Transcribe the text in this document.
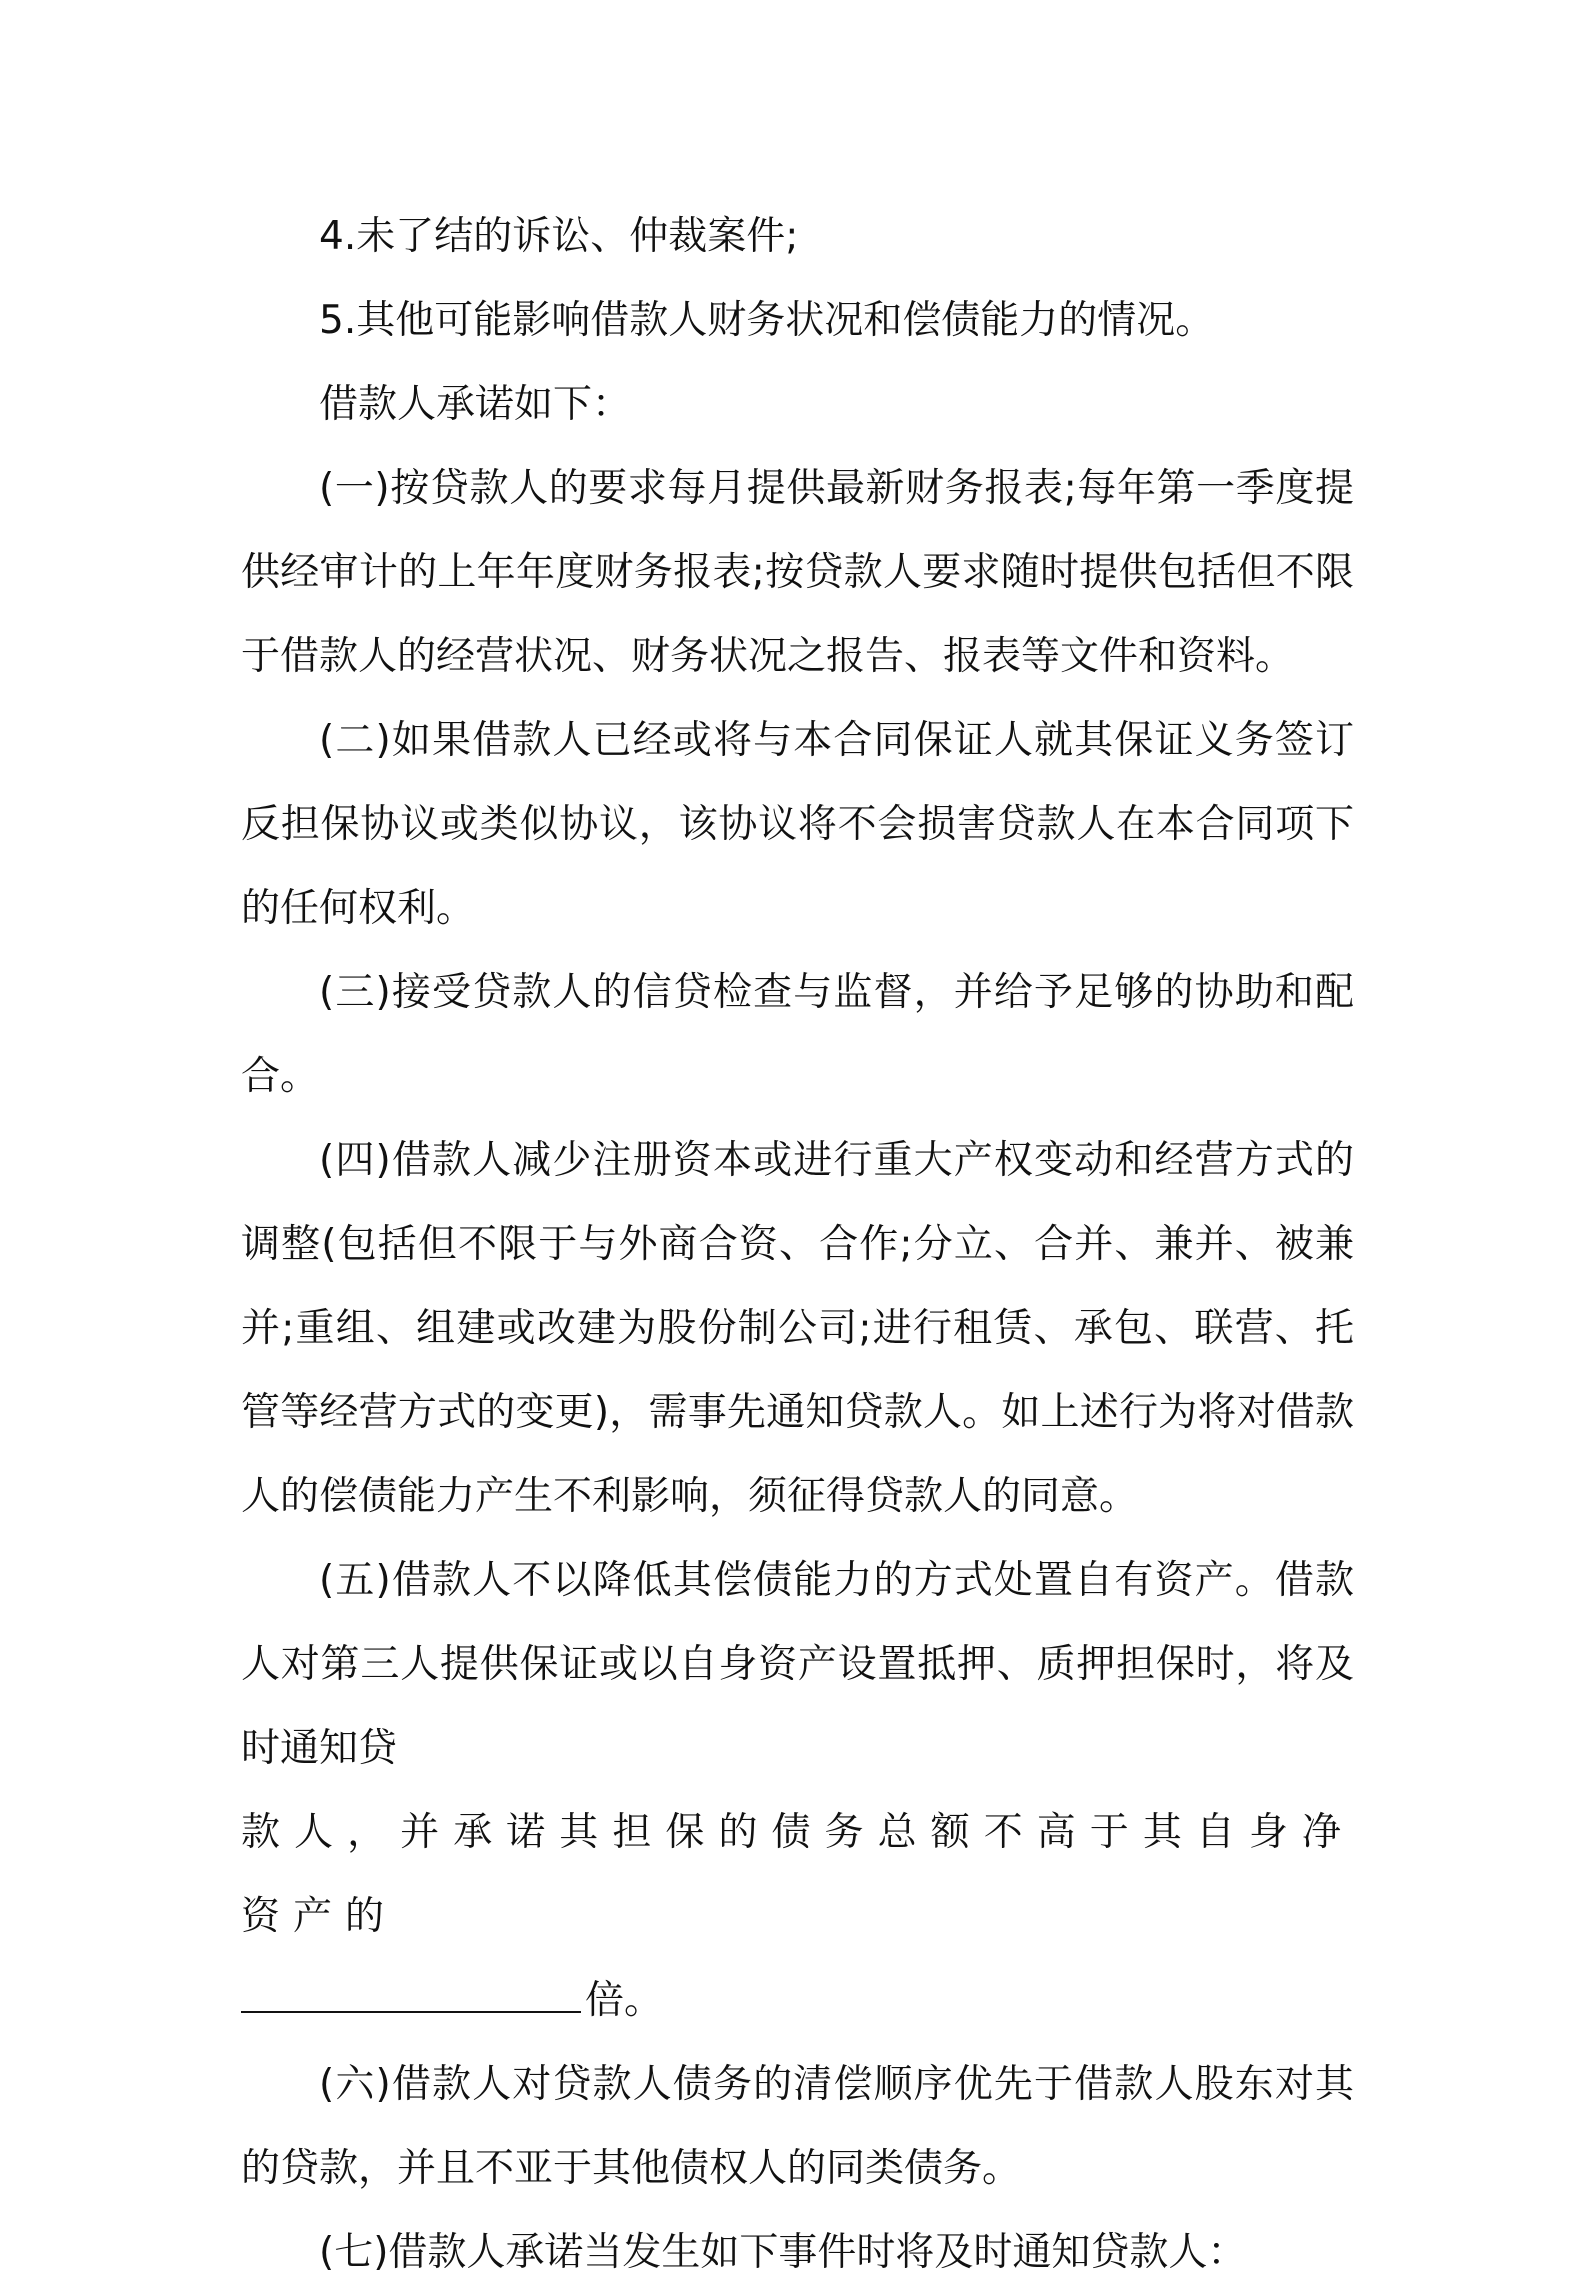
4.未了结的诉讼、仲裁案件;

5.其他可能影响借款人财务状况和偿债能力的情况。

借款人承诺如下：

(一)按贷款人的要求每月提供最新财务报表;每年第一季度提供经审计的上年年度财务报表;按贷款人要求随时提供包括但不限于借款人的经营状况、财务状况之报告、报表等文件和资料。

(二)如果借款人已经或将与本合同保证人就其保证义务签订反担保协议或类似协议，该协议将不会损害贷款人在本合同项下的任何权利。

(三)接受贷款人的信贷检查与监督，并给予足够的协助和配合。

(四)借款人减少注册资本或进行重大产权变动和经营方式的调整(包括但不限于与外商合资、合作;分立、合并、兼并、被兼并;重组、组建或改建为股份制公司;进行租赁、承包、联营、托管等经营方式的变更)，需事先通知贷款人。如上述行为将对借款人的偿债能力产生不利影响，须征得贷款人的同意。

(五)借款人不以降低其偿债能力的方式处置自有资产。借款人对第三人提供保证或以自身资产设置抵押、质押担保时，将及时通知贷

款人，并承诺其担保的债务总额不高于其自身净资产的

倍。

(六)借款人对贷款人债务的清偿顺序优先于借款人股东对其的贷款，并且不亚于其他债权人的同类债务。

(七)借款人承诺当发生如下事件时将及时通知贷款人：
